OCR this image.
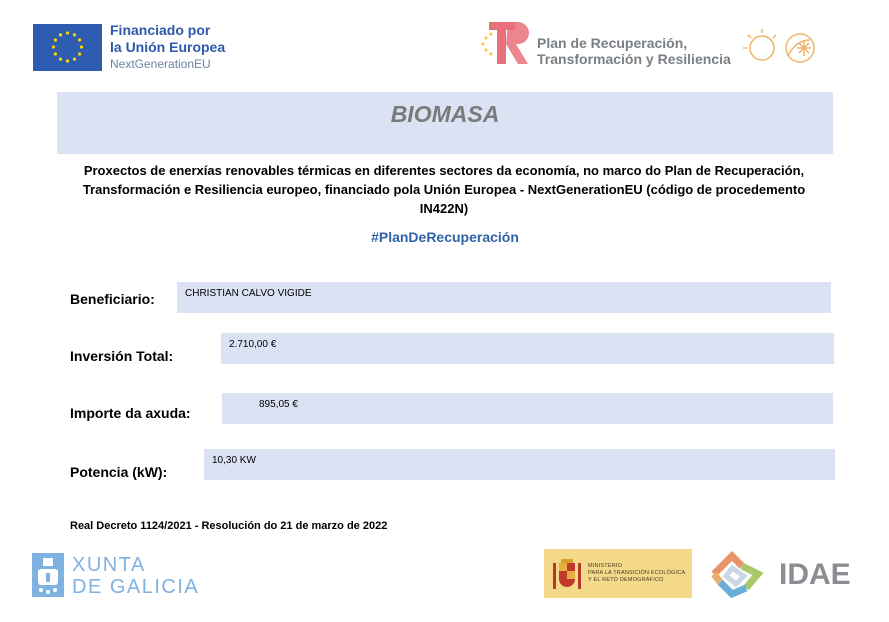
Financiado por
la Unión Europea
NextGenerationEU
Plan de Recuperación,
Transformación y Resiliencia
BIOMASA
Proxectos de enerxías renovables térmicas en diferentes sectores da economía, no marco do Plan de Recuperación, Transformación e Resiliencia europeo, financiado pola Unión Europea - NextGenerationEU (código de procedemento IN422N)
#PlanDeRecuperación
Beneficiario:	CHRISTIAN CALVO VIGIDE
Inversión Total:
2.710,00 €
Importe da axuda:
895,05 €
Potencia (kW):
10,30 KW
Real Decreto 1124/2021 - Resolución do 21 de marzo de 2022
XUNTA
DE GALICIA
MINISTERIO
PARA LA TRANSICIÓN ECOLÓGICA
Y EL RETO DEMOGRÁFICO	IDAE
